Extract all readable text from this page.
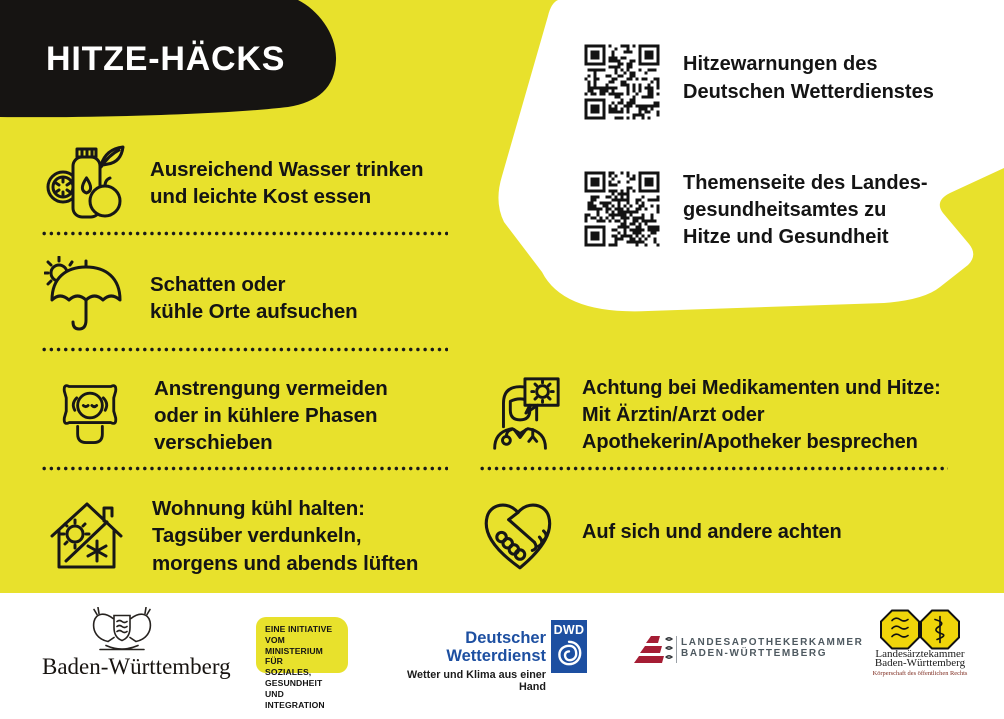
HITZE-HÄCKS	Hitzewarnungen des
Deutschen Wetterdienstes
Themenseite des Landes-
gesundheitsamtes zu
Hitze und Gesundheit
Ausreichend Wasser trinken
und leichte Kost essen
Schatten oder
kühle Orte aufsuchen
Anstrengung vermeiden
oder in kühlere Phasen
verschieben
Wohnung kühl halten:
Tagsüber verdunkeln,
morgens und abends lüften
Achtung bei Medikamenten und Hitze:
Mit Ärztin/Arzt oder
Apothekerin/Apotheker besprechen
Auf sich und andere achten
Baden-Württemberg
EINE INITIATIVE VOM
MINISTERIUM FÜR
SOZIALES, GESUNDHEIT
UND INTEGRATION
Deutscher Wetterdienst
Wetter und Klima aus einer Hand
DWD
LANDESAPOTHEKERKAMMER
BADEN-WÜRTTEMBERG	Landesärztekammer
Baden-Württemberg
Körperschaft des öffentlichen Rechts
